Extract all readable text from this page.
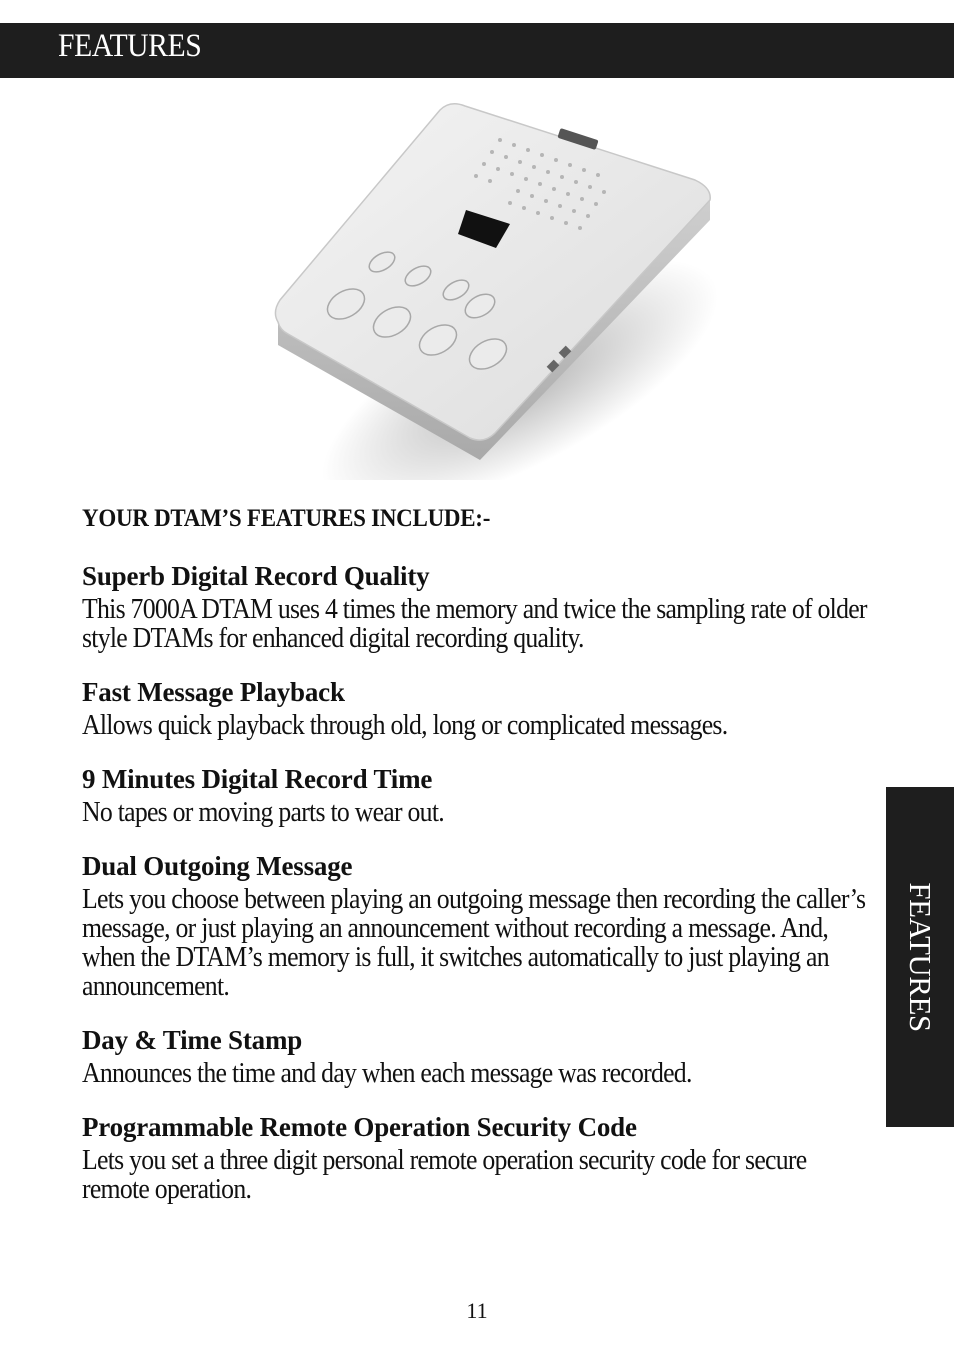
FEATURES
FEATURES
YOUR DTAM’S FEATURES INCLUDE:-
Superb Digital Record Quality
This 7000A DTAM uses 4 times the memory and twice the sampling rate of older style DTAMs for enhanced digital recording quality.
Fast Message Playback
Allows quick playback through old, long or complicated messages.
9 Minutes Digital Record Time
No tapes or moving parts to wear out.
Dual Outgoing Message
Lets you choose between playing an outgoing message then recording the caller’s message, or just playing an announcement without recording a message. And, when the DTAM’s memory is full, it switches automatically to just playing an announcement.
Day & Time Stamp
Announces the time and day when each message was recorded.
Programmable Remote Operation Security Code
Lets you set a three digit personal remote operation security code for secure remote operation.
11
